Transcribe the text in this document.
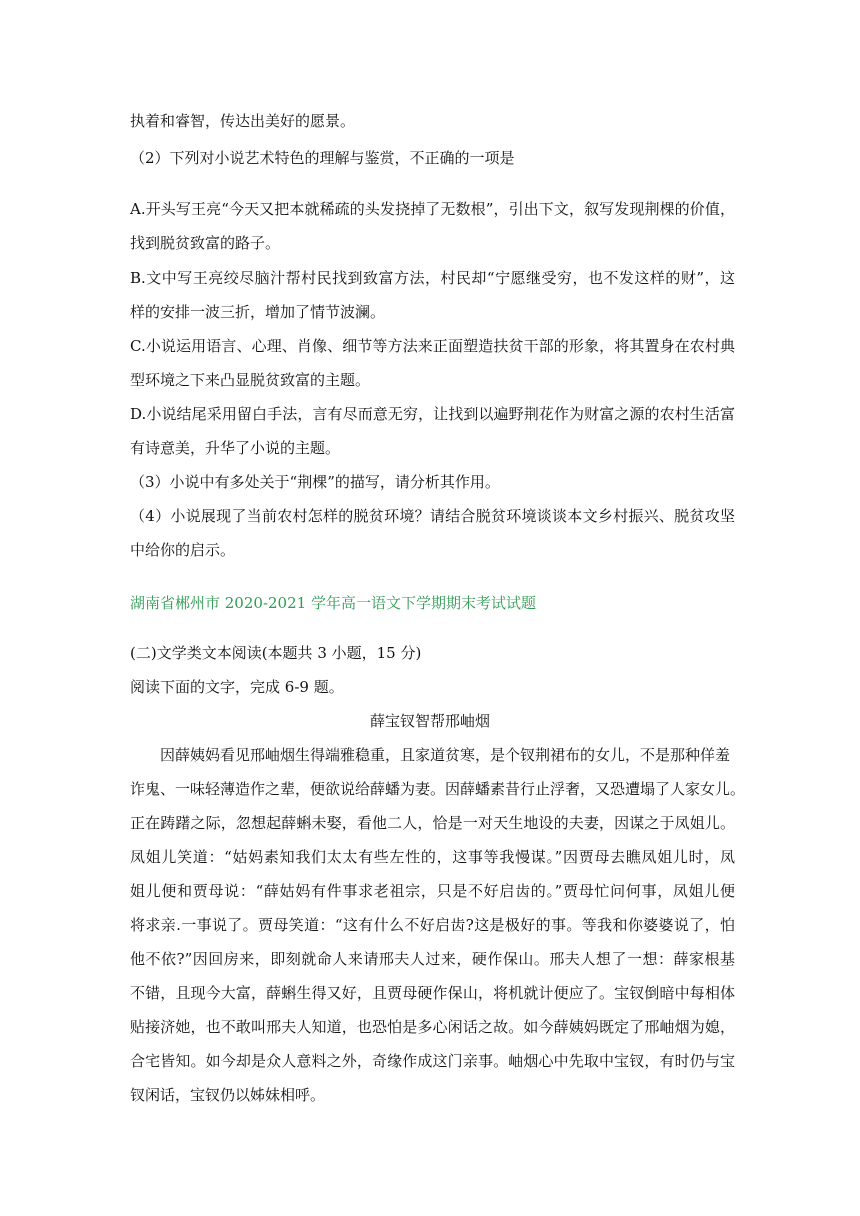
执着和睿智，传达出美好的愿景。
（2）下列对小说艺术特色的理解与鉴赏，不正确的一项是
A.开头写王亮“今天又把本就稀疏的头发挠掉了无数根”，引出下文，叙写发现荆棵的价值，
找到脱贫致富的路子。
B.文中写王亮绞尽脑汁帮村民找到致富方法，村民却“宁愿继受穷，也不发这样的财”，这
样的安排一波三折，增加了情节波澜。
C.小说运用语言、心理、肖像、细节等方法来正面塑造扶贫干部的形象，将其置身在农村典
型环境之下来凸显脱贫致富的主题。
D.小说结尾采用留白手法，言有尽而意无穷，让找到以遍野荆花作为财富之源的农村生活富
有诗意美，升华了小说的主题。
（3）小说中有多处关于“荆棵”的描写，请分析其作用。
（4）小说展现了当前农村怎样的脱贫环境？请结合脱贫环境谈谈本文乡村振兴、脱贫攻坚
中给你的启示。
湖南省郴州市 2020-2021 学年高一语文下学期期末考试试题
(二)文学类文本阅读(本题共 3 小题，15 分)
阅读下面的文字，完成 6-9 题。
薛宝钗智帮邢岫烟
因薛姨妈看见邢岫烟生得端雅稳重，且家道贫寒，是个钗荆裙布的女儿，不是那种佯羞
诈鬼、一味轻薄造作之辈，便欲说给薛蟠为妻。因薛蟠素昔行止浮奢，又恐遭塌了人家女儿。
正在踌躇之际，忽想起薛蝌未娶，看他二人，恰是一对天生地设的夫妻，因谋之于凤姐儿。
凤姐儿笑道：“姑妈素知我们太太有些左性的，这事等我慢谋。”因贾母去瞧凤姐儿时，凤
姐儿便和贾母说：“薛姑妈有件事求老祖宗，只是不好启齿的。”贾母忙问何事，凤姐儿便
将求亲.一事说了。贾母笑道：“这有什么不好启齿?这是极好的事。等我和你婆婆说了，怕
他不依?”因回房来，即刻就命人来请邢夫人过来，硬作保山。邢夫人想了一想：薛家根基
不错，且现今大富，薛蝌生得又好，且贾母硬作保山，将机就计便应了。宝钗倒暗中每相体
贴接济她，也不敢叫邢夫人知道，也恐怕是多心闲话之故。如今薛姨妈既定了邢岫烟为媳，
合宅皆知。如今却是众人意料之外，奇缘作成这门亲事。岫烟心中先取中宝钗，有时仍与宝
钗闲话，宝钗仍以姊妹相呼。
